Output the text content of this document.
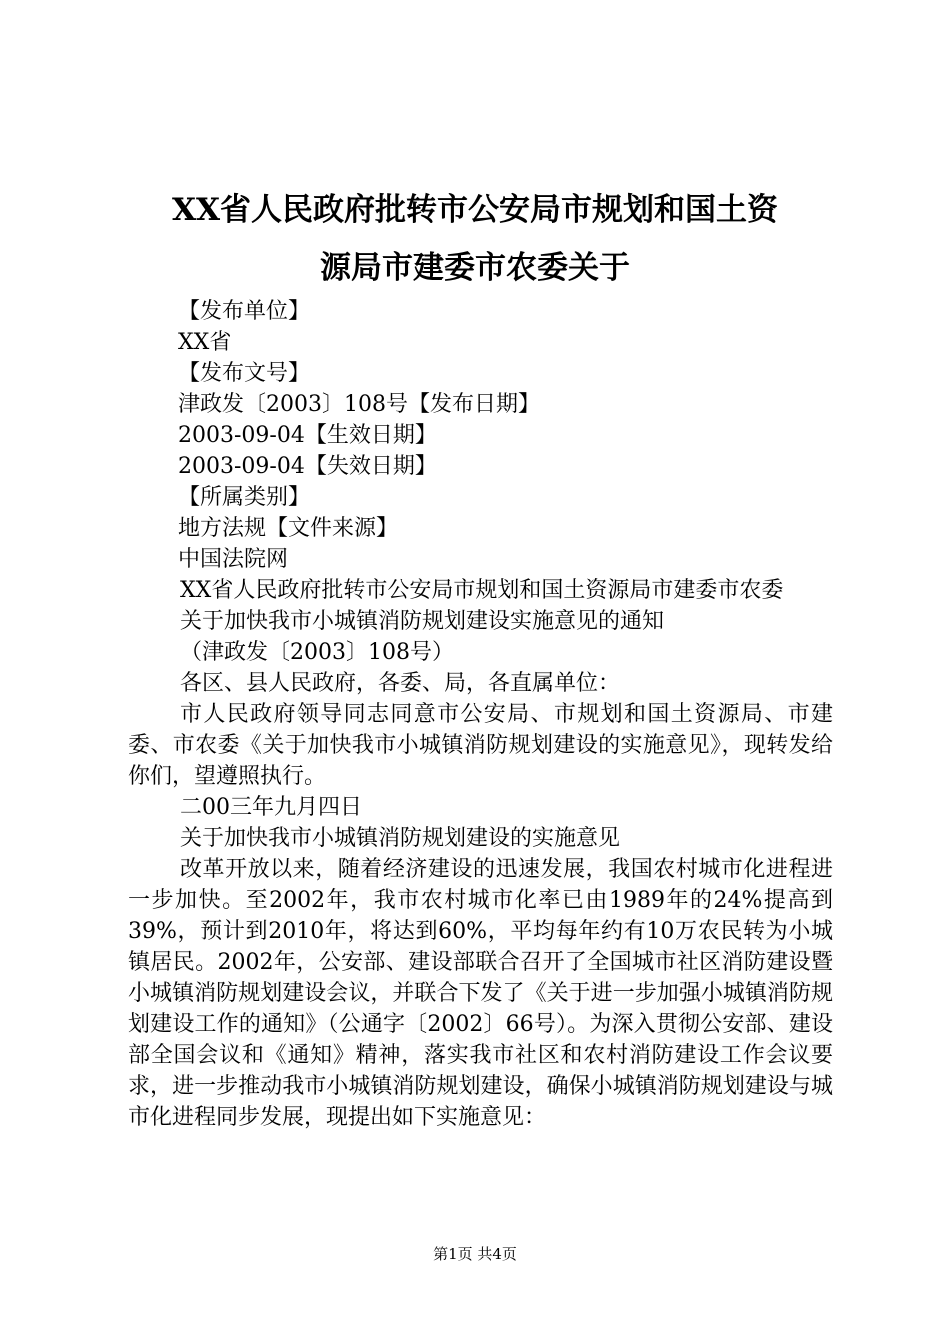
XX省人民政府批转市公安局市规划和国土资
源局市建委市农委关于
【发布单位】
XX省
【发布文号】
津政发〔2003〕108号【发布日期】
2003-09-04【生效日期】
2003-09-04【失效日期】
【所属类别】
地方法规【文件来源】
中国法院网

XX省人民政府批转市公安局市规划和国土资源局市建委市农委

关于加快我市小城镇消防规划建设实施意见的通知
（津政发〔2003〕108号）
各区、县人民政府，各委、局，各直属单位：

市人民政府领导同志同意市公安局、市规划和国土资源局、市建委、市农委《关于加快我市小城镇消防规划建设的实施意见》，现转发给你们，望遵照执行。

二00三年九月四日
关于加快我市小城镇消防规划建设的实施意见

改革开放以来，随着经济建设的迅速发展，我国农村城市化进程进一步加快。至2002年，我市农村城市化率已由1989年的24%提高到39%，预计到2010年，将达到60%，平均每年约有10万农民转为小城镇居民。2002年，公安部、建设部联合召开了全国城市社区消防建设暨小城镇消防规划建设会议，并联合下发了《关于进一步加强小城镇消防规划建设工作的通知》（公通字〔2002〕66号）。为深入贯彻公安部、建设部全国会议和《通知》精神，落实我市社区和农村消防建设工作会议要求，进一步推动我市小城镇消防规划建设，确保小城镇消防规划建设与城市化进程同步发展，现提出如下实施意见：

第1页 共4页
